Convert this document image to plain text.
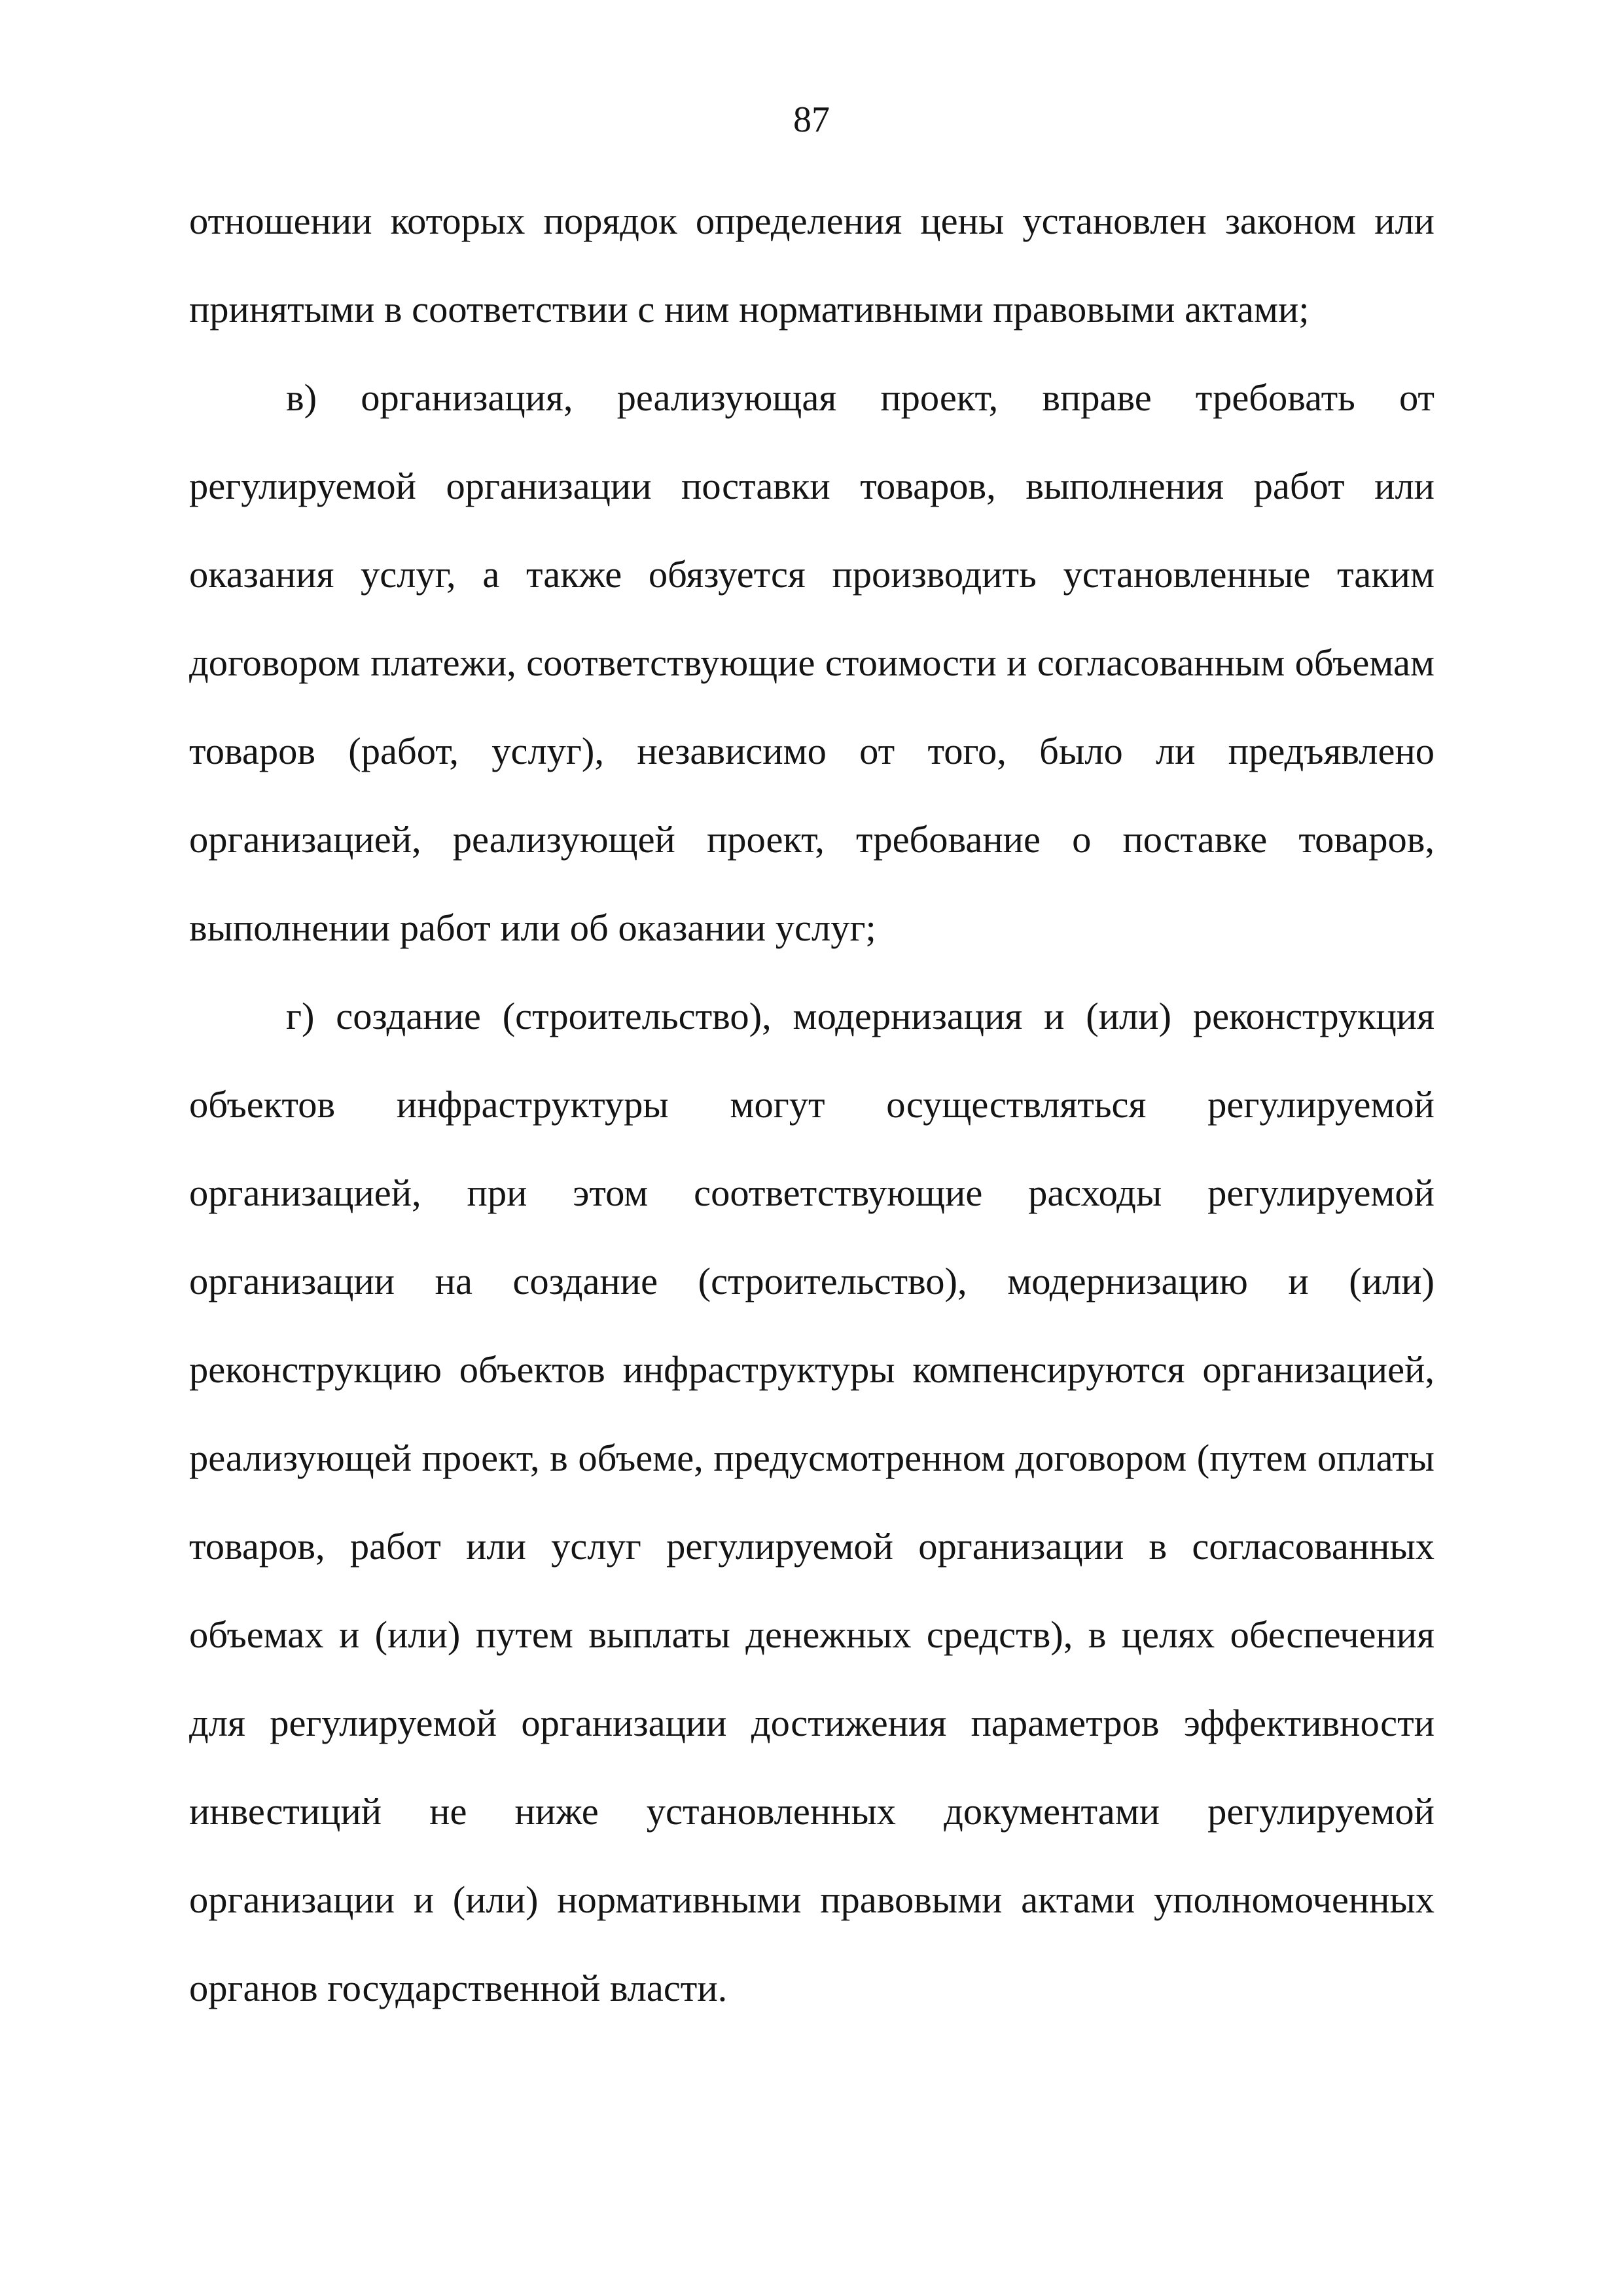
87

отношении которых порядок определения цены установлен законом или принятыми в соответствии с ним нормативными правовыми актами;

в) организация, реализующая проект, вправе требовать от регулируемой организации поставки товаров, выполнения работ или оказания услуг, а также обязуется производить установленные таким договором платежи, соответствующие стоимости и согласованным объемам товаров (работ, услуг), независимо от того, было ли предъявлено организацией, реализующей проект, требование о поставке товаров, выполнении работ или об оказании услуг;

г) создание (строительство), модернизация и (или) реконструкция объектов инфраструктуры могут осуществляться регулируемой организацией, при этом соответствующие расходы регулируемой организации на создание (строительство), модернизацию и (или) реконструкцию объектов инфраструктуры компенсируются организацией, реализующей проект, в объеме, предусмотренном договором (путем оплаты товаров, работ или услуг регулируемой организации в согласованных объемах и (или) путем выплаты денежных средств), в целях обеспечения для регулируемой организации достижения параметров эффективности инвестиций не ниже установленных документами регулируемой организации и (или) нормативными правовыми актами уполномоченных органов государственной власти.
